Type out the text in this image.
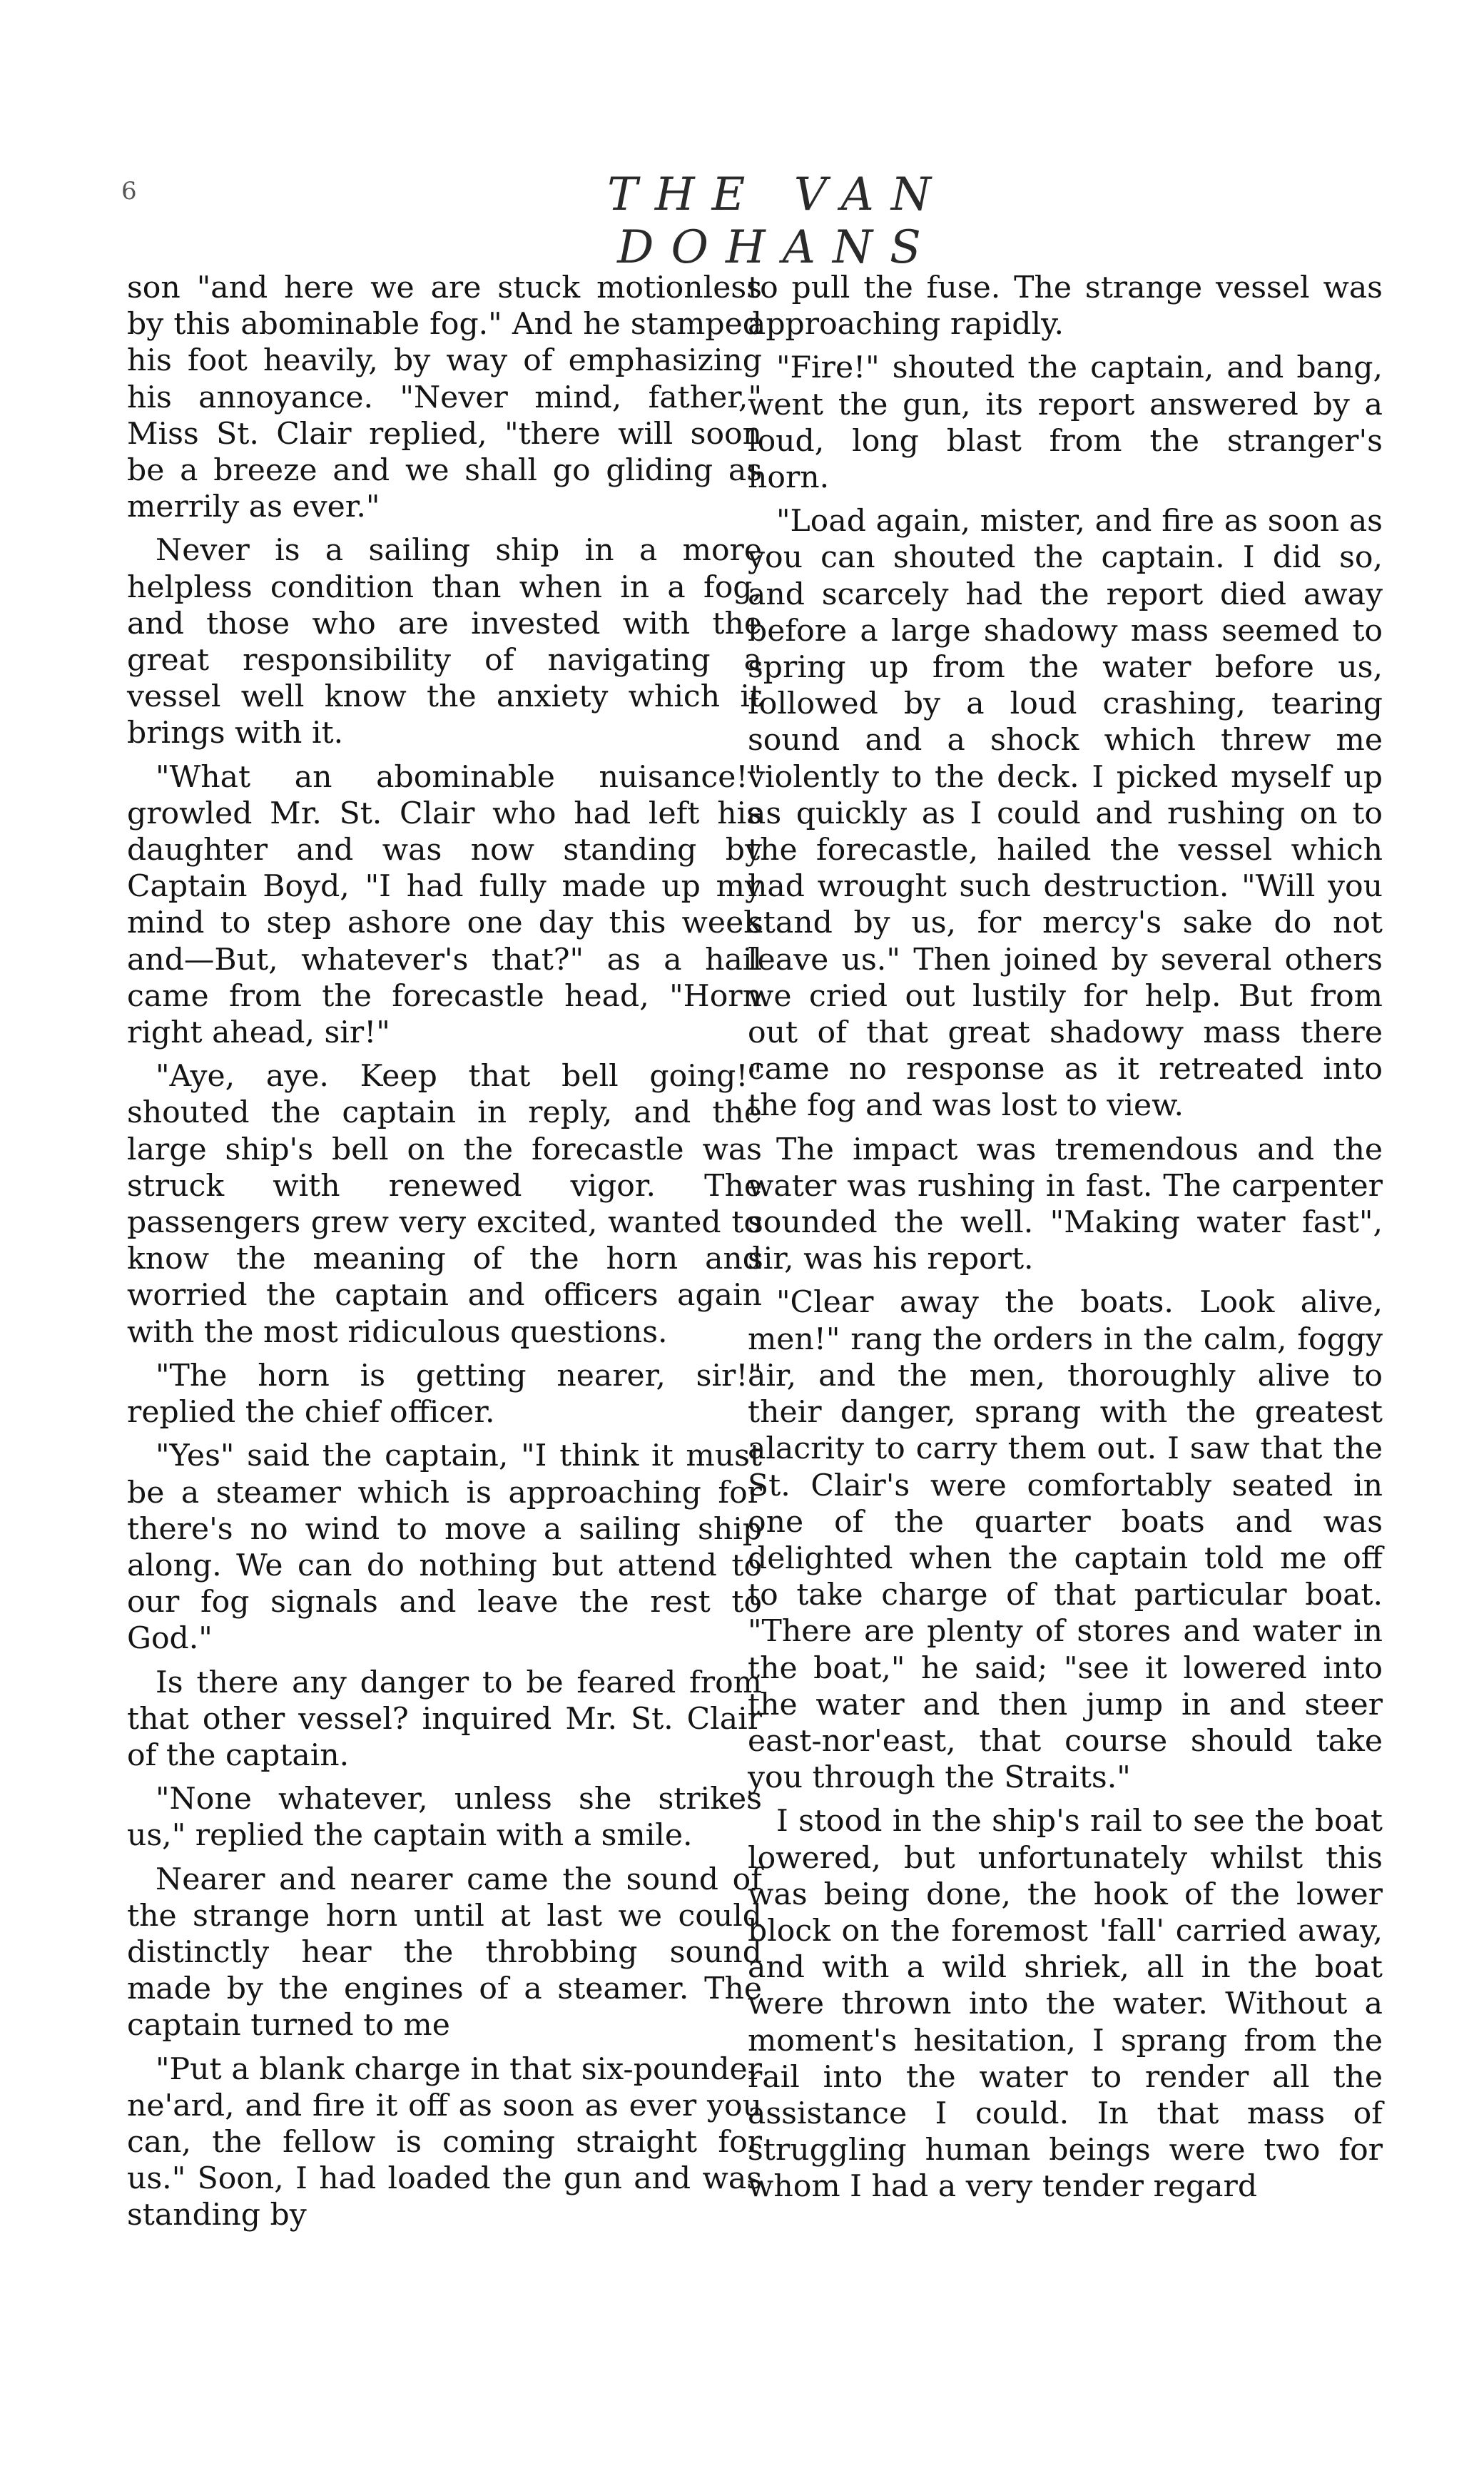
6	THE VAN DOHANS

son "and here we are stuck motionless by this abominable fog." And he stamped his foot heavily, by way of emphasizing his annoyance. "Never mind, father," Miss St. Clair replied, "there will soon be a breeze and we shall go gliding as merrily as ever."

Never is a sailing ship in a more helpless condition than when in a fog, and those who are invested with the great responsibility of navigating a vessel well know the anxiety which it brings with it.

"What an abominable nuisance!" growled Mr. St. Clair who had left his daughter and was now standing by Captain Boyd, "I had fully made up my mind to step ashore one day this week and—But, whatever's that?" as a hail came from the forecastle head, "Horn right ahead, sir!"

"Aye, aye. Keep that bell going!" shouted the captain in reply, and the large ship's bell on the forecastle was struck with renewed vigor. The passengers grew very excited, wanted to know the meaning of the horn and worried the captain and officers again with the most ridiculous questions.

"The horn is getting nearer, sir!" replied the chief officer.

"Yes" said the captain, "I think it must be a steamer which is approaching for there's no wind to move a sailing ship along. We can do nothing but attend to our fog signals and leave the rest to God."

Is there any danger to be feared from that other vessel? inquired Mr. St. Clair of the captain.

"None whatever, unless she strikes us," replied the captain with a smile.

Nearer and nearer came the sound of the strange horn until at last we could distinctly hear the throbbing sound made by the engines of a steamer. The captain turned to me

"Put a blank charge in that six-pounder ne'ard, and fire it off as soon as ever you can, the fellow is coming straight for us." Soon, I had loaded the gun and was standing by

to pull the fuse. The strange vessel was approaching rapidly.

"Fire!" shouted the captain, and bang, went the gun, its report answered by a loud, long blast from the stranger's horn.

"Load again, mister, and fire as soon as you can shouted the captain. I did so, and scarcely had the report died away before a large shadowy mass seemed to spring up from the water before us, followed by a loud crashing, tearing sound and a shock which threw me violently to the deck. I picked myself up as quickly as I could and rushing on to the forecastle, hailed the vessel which had wrought such destruction. "Will you stand by us, for mercy's sake do not leave us." Then joined by several others we cried out lustily for help. But from out of that great shadowy mass there came no response as it retreated into the fog and was lost to view.

The impact was tremendous and the water was rushing in fast. The carpenter sounded the well. "Making water fast", sir, was his report.

"Clear away the boats. Look alive, men!" rang the orders in the calm, foggy air, and the men, thoroughly alive to their danger, sprang with the greatest alacrity to carry them out. I saw that the St. Clair's were comfortably seated in one of the quarter boats and was delighted when the captain told me off to take charge of that particular boat. "There are plenty of stores and water in the boat," he said; "see it lowered into the water and then jump in and steer east-nor'east, that course should take you through the Straits."

I stood in the ship's rail to see the boat lowered, but unfortunately whilst this was being done, the hook of the lower block on the foremost 'fall' carried away, and with a wild shriek, all in the boat were thrown into the water. Without a moment's hesitation, I sprang from the rail into the water to render all the assistance I could. In that mass of struggling human beings were two for whom I had a very tender regard
